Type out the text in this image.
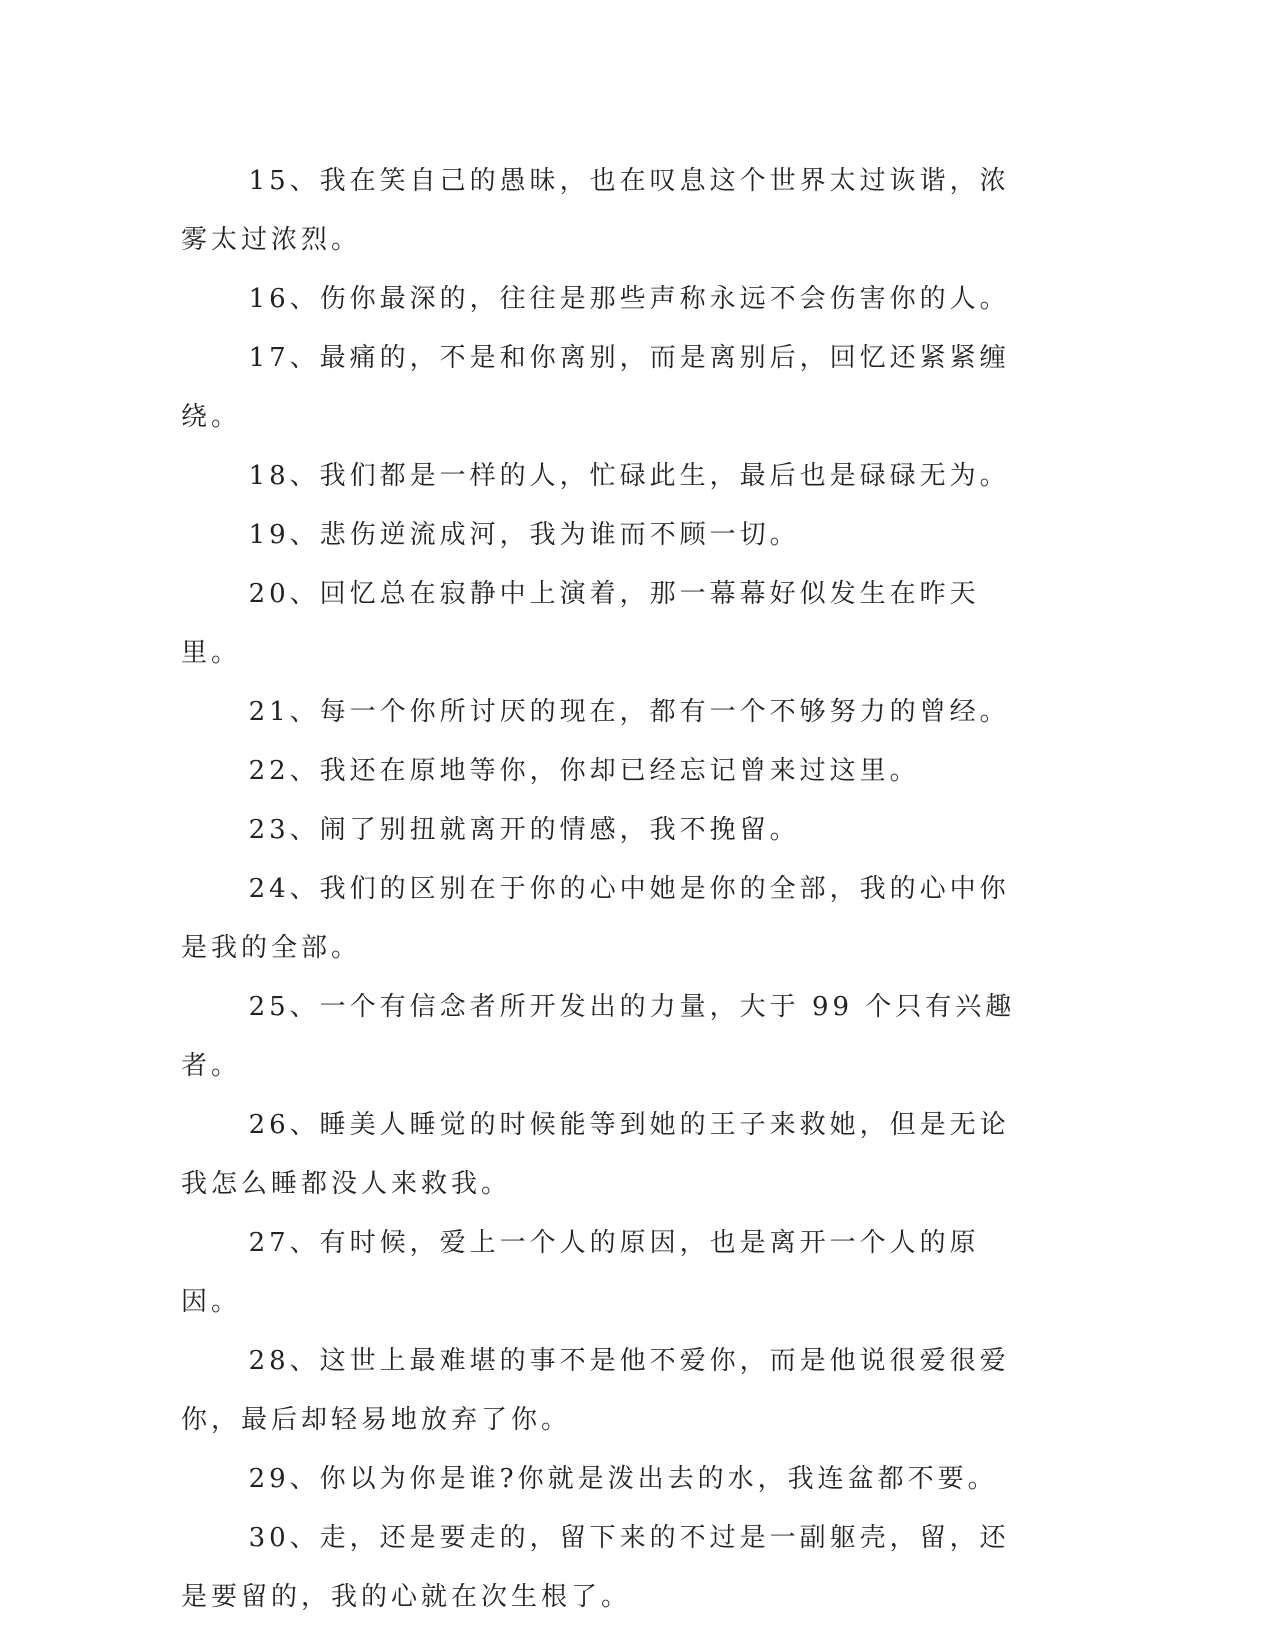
15、我在笑自己的愚昧，也在叹息这个世界太过诙谐，浓雾太过浓烈。

16、伤你最深的，往往是那些声称永远不会伤害你的人。

17、最痛的，不是和你离别，而是离别后，回忆还紧紧缠绕。

18、我们都是一样的人，忙碌此生，最后也是碌碌无为。

19、悲伤逆流成河，我为谁而不顾一切。

20、回忆总在寂静中上演着，那一幕幕好似发生在昨天里。

21、每一个你所讨厌的现在，都有一个不够努力的曾经。

22、我还在原地等你，你却已经忘记曾来过这里。

23、闹了别扭就离开的情感，我不挽留。

24、我们的区别在于你的心中她是你的全部，我的心中你是我的全部。

25、一个有信念者所开发出的力量，大于 99 个只有兴趣者。

26、睡美人睡觉的时候能等到她的王子来救她，但是无论我怎么睡都没人来救我。

27、有时候，爱上一个人的原因，也是离开一个人的原因。

28、这世上最难堪的事不是他不爱你，而是他说很爱很爱你，最后却轻易地放弃了你。

29、你以为你是谁?你就是泼出去的水，我连盆都不要。

30、走，还是要走的，留下来的不过是一副躯壳，留，还是要留的，我的心就在次生根了。
